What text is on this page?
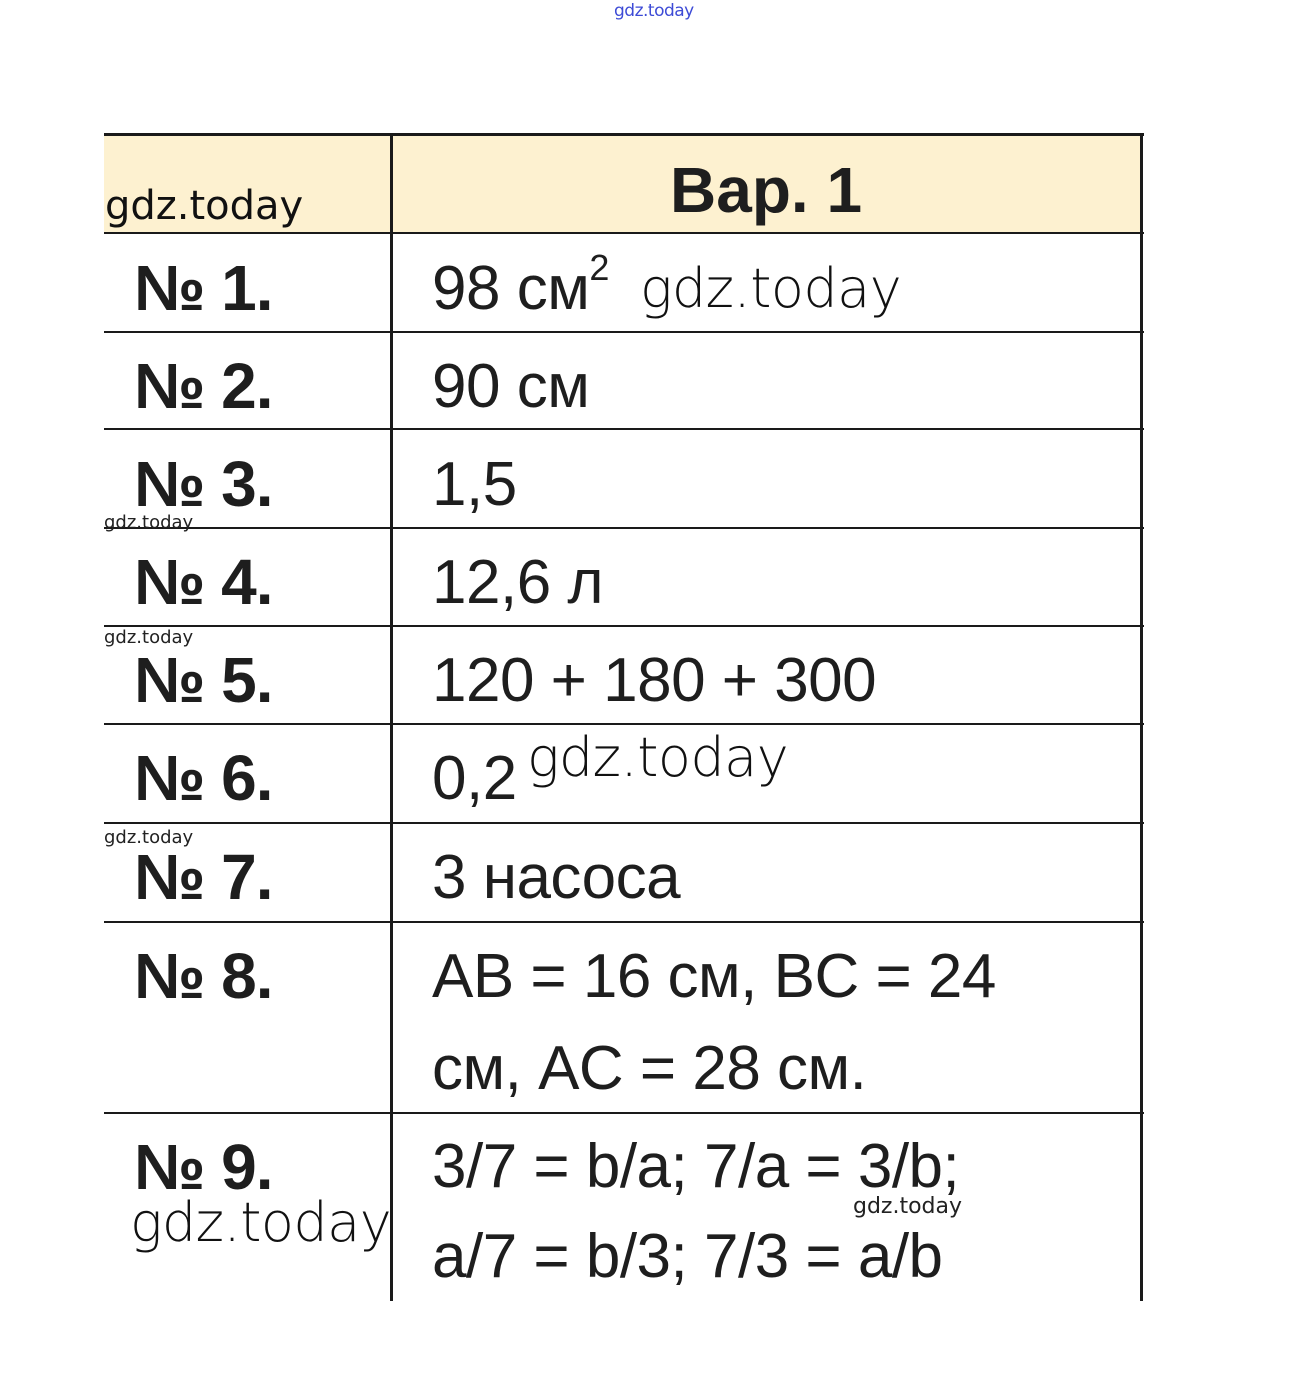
gdz.today
Вар. 1
№ 1.	98 $см^2$
№ 2.	90 см
№ 3.	1,5
№ 4.	12,6 л
№ 5.	120 + 180 + 300
№ 6.	0,2
№ 7.	3 насоса
№ 8.	AB = 16 см, BC = 24
см, AC = 28 см.
№ 9.	3/7 = b/a; 7/a = 3/b;
a/7 = b/3; 7/3 = a/b
gdz.today
gdz.today
gdz.today
gdz.today
gdz.today
gdz.today
gdz.today
gdz.today
